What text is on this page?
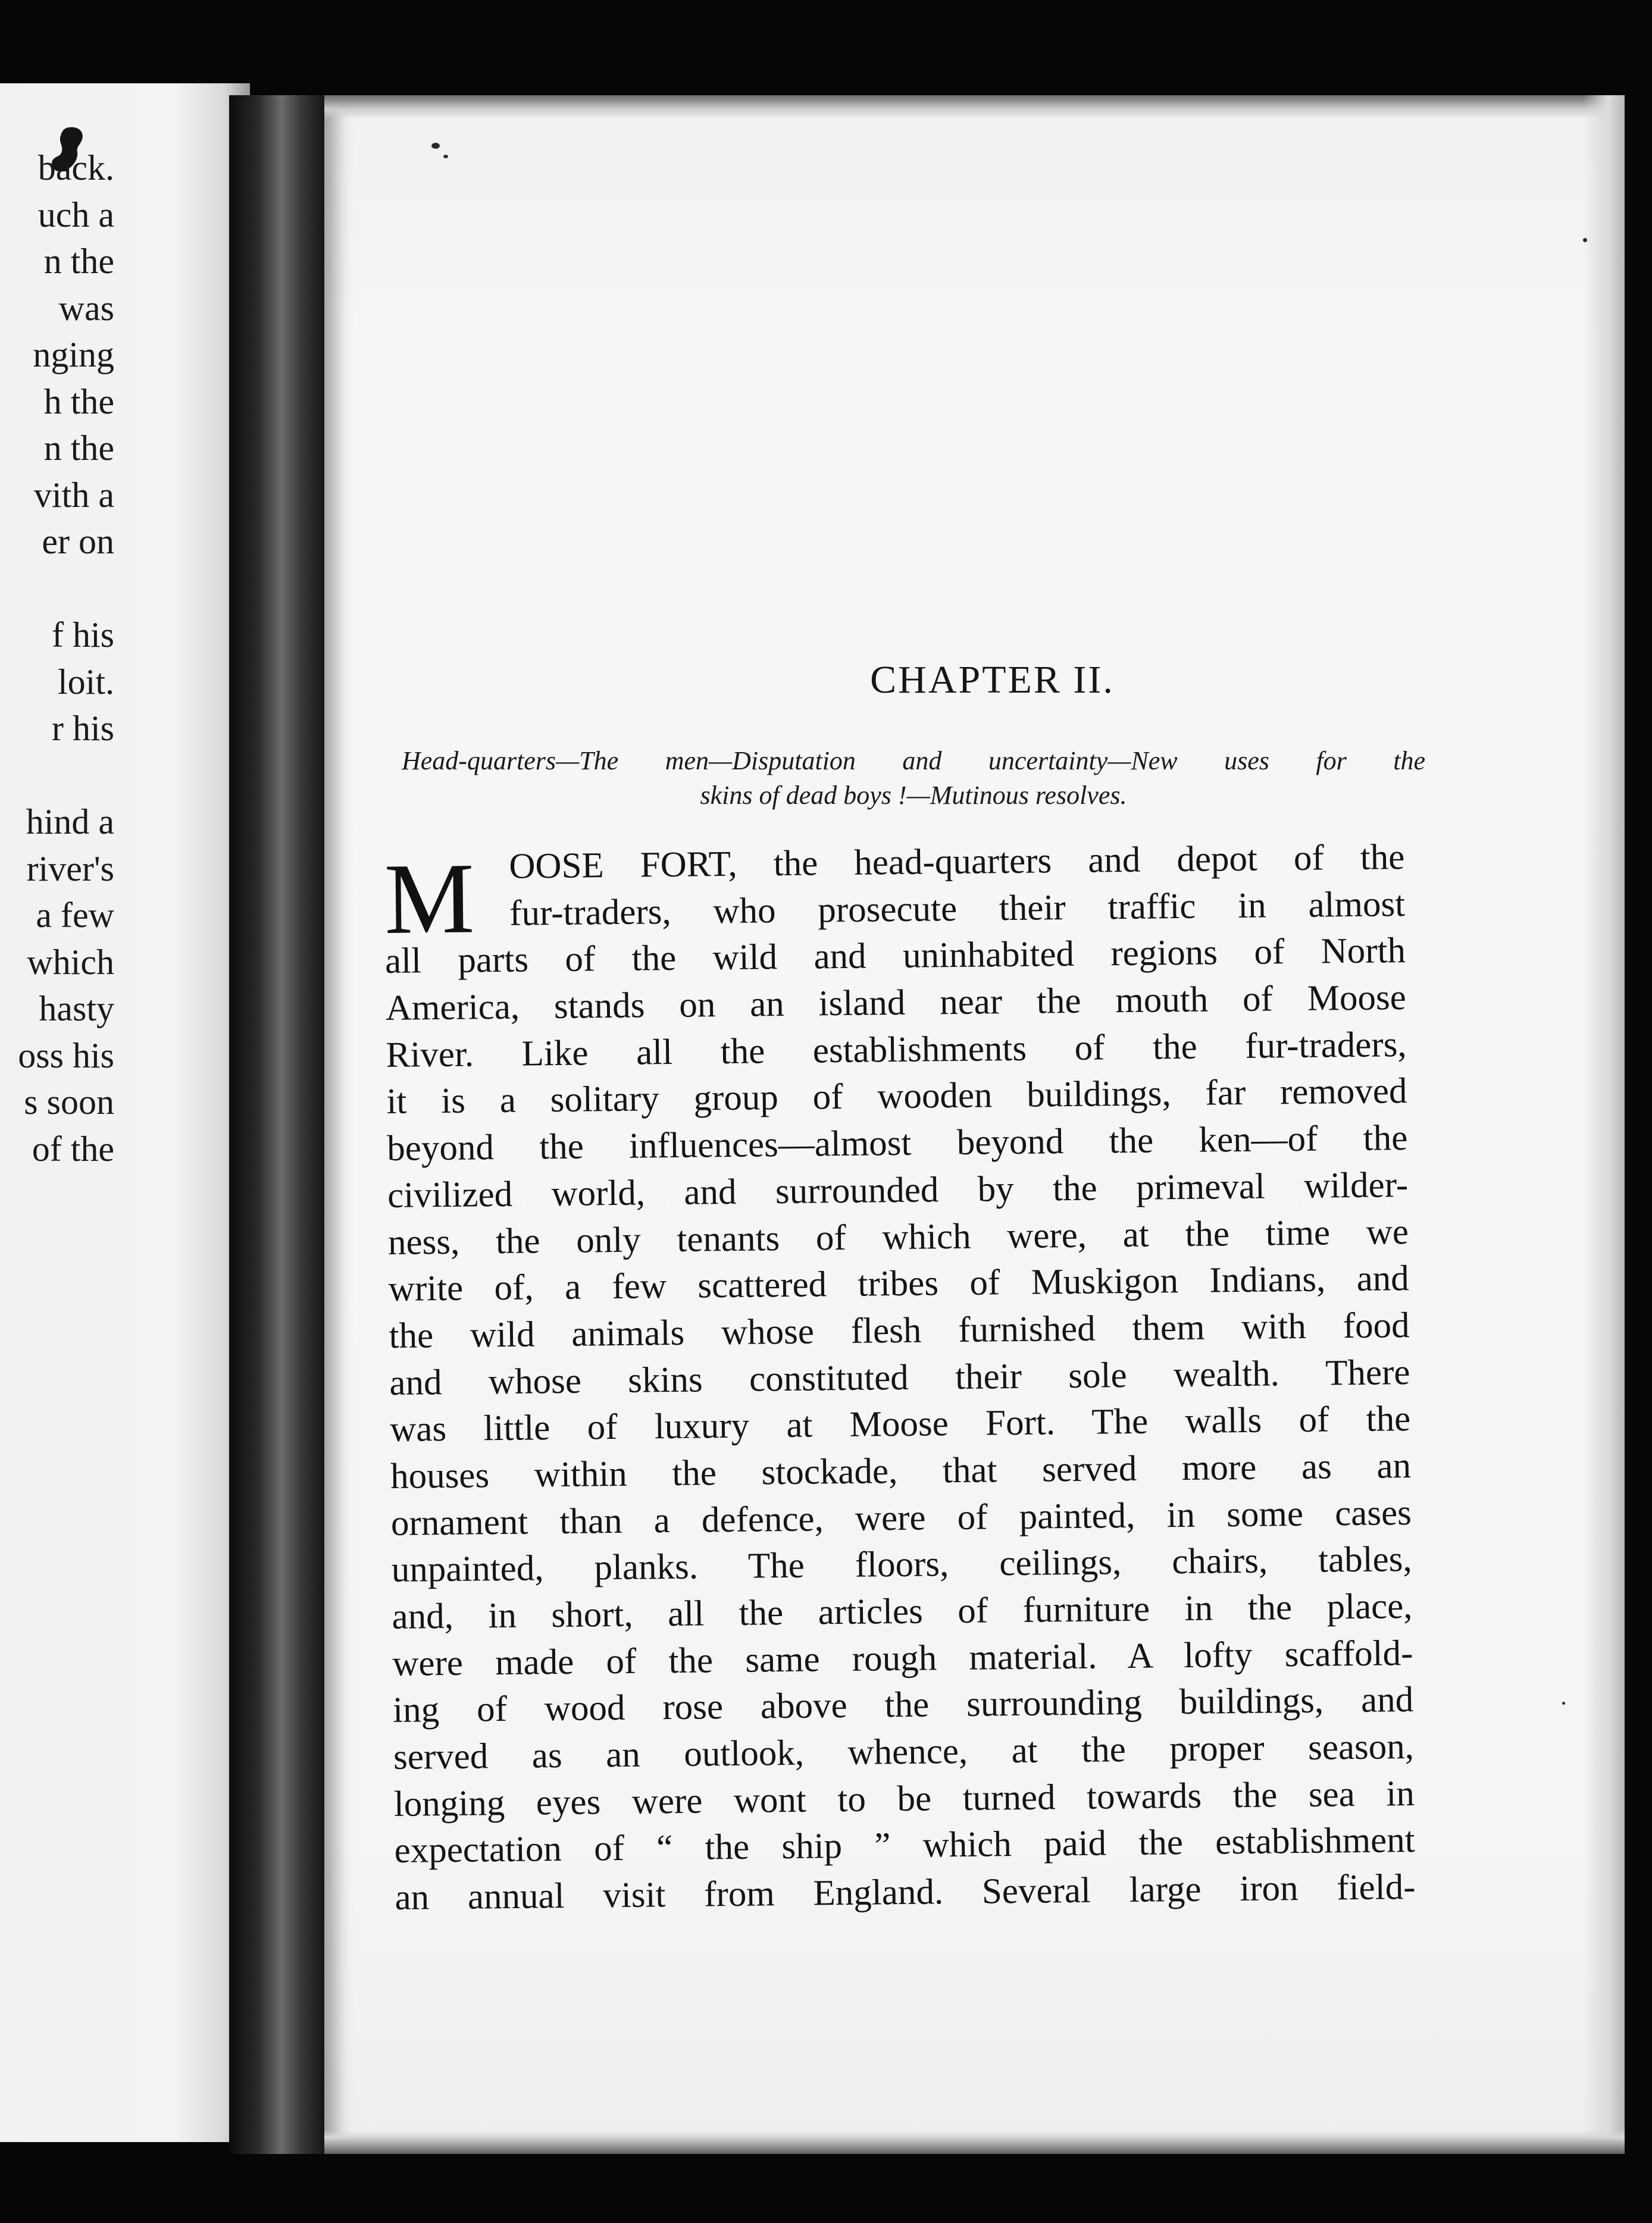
back.
uch a
n the
was
nging
h the
n the
vith a
er on
f his
loit.
r his
hind a
river's
a few
which
hasty
oss his
s soon
of the
CHAPTER II.
Head-quarters—The men—Disputation and uncertainty—New uses for the
skins of dead boys !—Mutinous resolves.
M OOSE FORT, the head-quarters and depot of the
fur-traders, who prosecute their traffic in almost
all parts of the wild and uninhabited regions of North
America, stands on an island near the mouth of Moose
River. Like all the establishments of the fur-traders,
it is a solitary group of wooden buildings, far removed
beyond the influences—almost beyond the ken—of the
civilized world, and surrounded by the primeval wilder-
ness, the only tenants of which were, at the time we
write of, a few scattered tribes of Muskigon Indians, and
the wild animals whose flesh furnished them with food
and whose skins constituted their sole wealth. There
was little of luxury at Moose Fort. The walls of the
houses within the stockade, that served more as an
ornament than a defence, were of painted, in some cases
unpainted, planks. The floors, ceilings, chairs, tables,
and, in short, all the articles of furniture in the place,
were made of the same rough material. A lofty scaffold-
ing of wood rose above the surrounding buildings, and
served as an outlook, whence, at the proper season,
longing eyes were wont to be turned towards the sea in
expectation of “ the ship ” which paid the establishment
an annual visit from England. Several large iron field-
